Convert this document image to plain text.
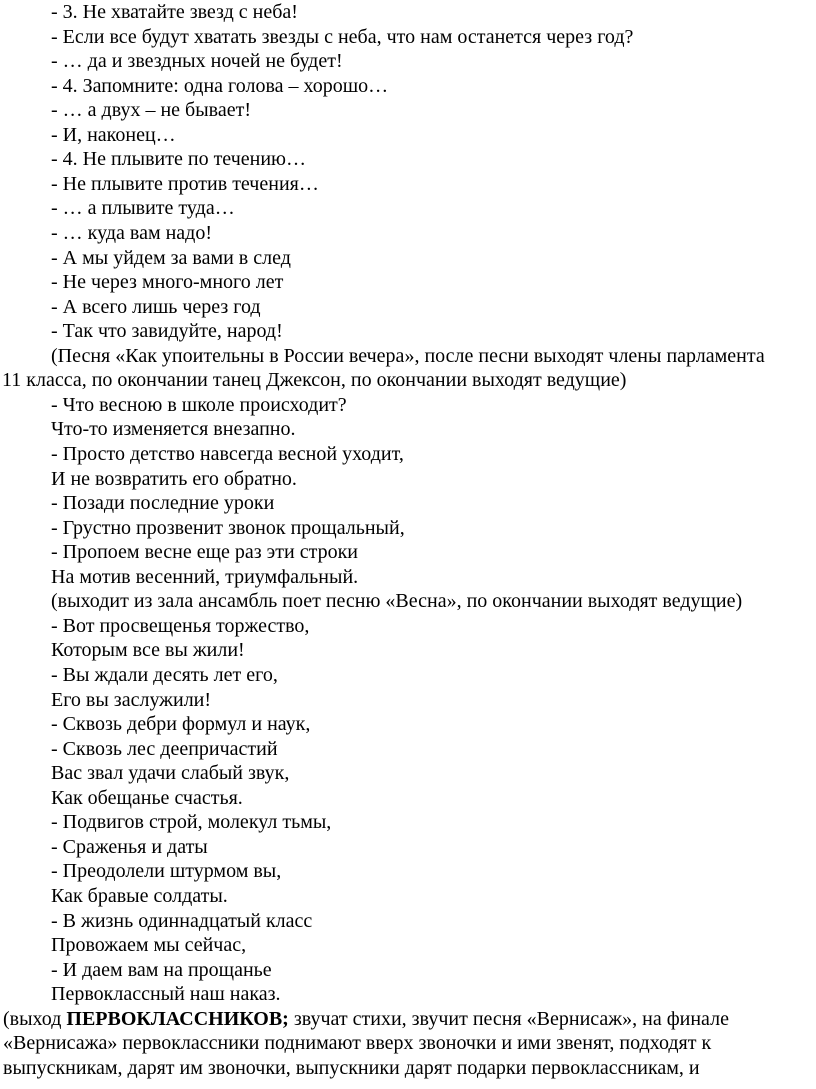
- 3. Не хватайте звезд с неба!
- Если все будут хватать звезды с неба, что нам останется через год?
- … да и звездных ночей не будет!
- 4. Запомните: одна голова – хорошо…
- … а двух – не бывает!
- И, наконец…
- 4. Не плывите по течению…
- Не плывите против течения…
- … а плывите туда…
- … куда вам надо!
- А мы уйдем за вами в след
- Не через много-много лет
- А всего лишь через год
- Так что завидуйте, народ!
(Песня «Как упоительны в России вечера», после песни выходят члены парламента
11 класса, по окончании танец Джексон, по окончании выходят ведущие)
- Что весною в школе происходит?
Что-то изменяется внезапно.
- Просто детство навсегда весной уходит,
И не возвратить его обратно.
- Позади последние уроки
- Грустно прозвенит звонок прощальный,
- Пропоем весне еще раз эти строки
На мотив весенний, триумфальный.
(выходит из зала ансамбль поет песню «Весна», по окончании выходят ведущие)
- Вот просвещенья торжество,
Которым все вы жили!
- Вы ждали десять лет его,
Его вы заслужили!
- Сквозь дебри формул и наук,
- Сквозь лес деепричастий
Вас звал удачи слабый звук,
Как обещанье счастья.
- Подвигов строй, молекул тьмы,
- Сраженья и даты
- Преодолели штурмом вы,
Как бравые солдаты.
- В жизнь одиннадцатый класс
Провожаем мы сейчас,
- И даем вам на прощанье
Первоклассный наш наказ.
(выход ПЕРВОКЛАССНИКОВ; звучат стихи, звучит песня «Вернисаж», на финале
«Вернисажа» первоклассники поднимают вверх звоночки и ими звенят, подходят к
выпускникам, дарят им звоночки, выпускники дарят подарки первоклассникам, и
